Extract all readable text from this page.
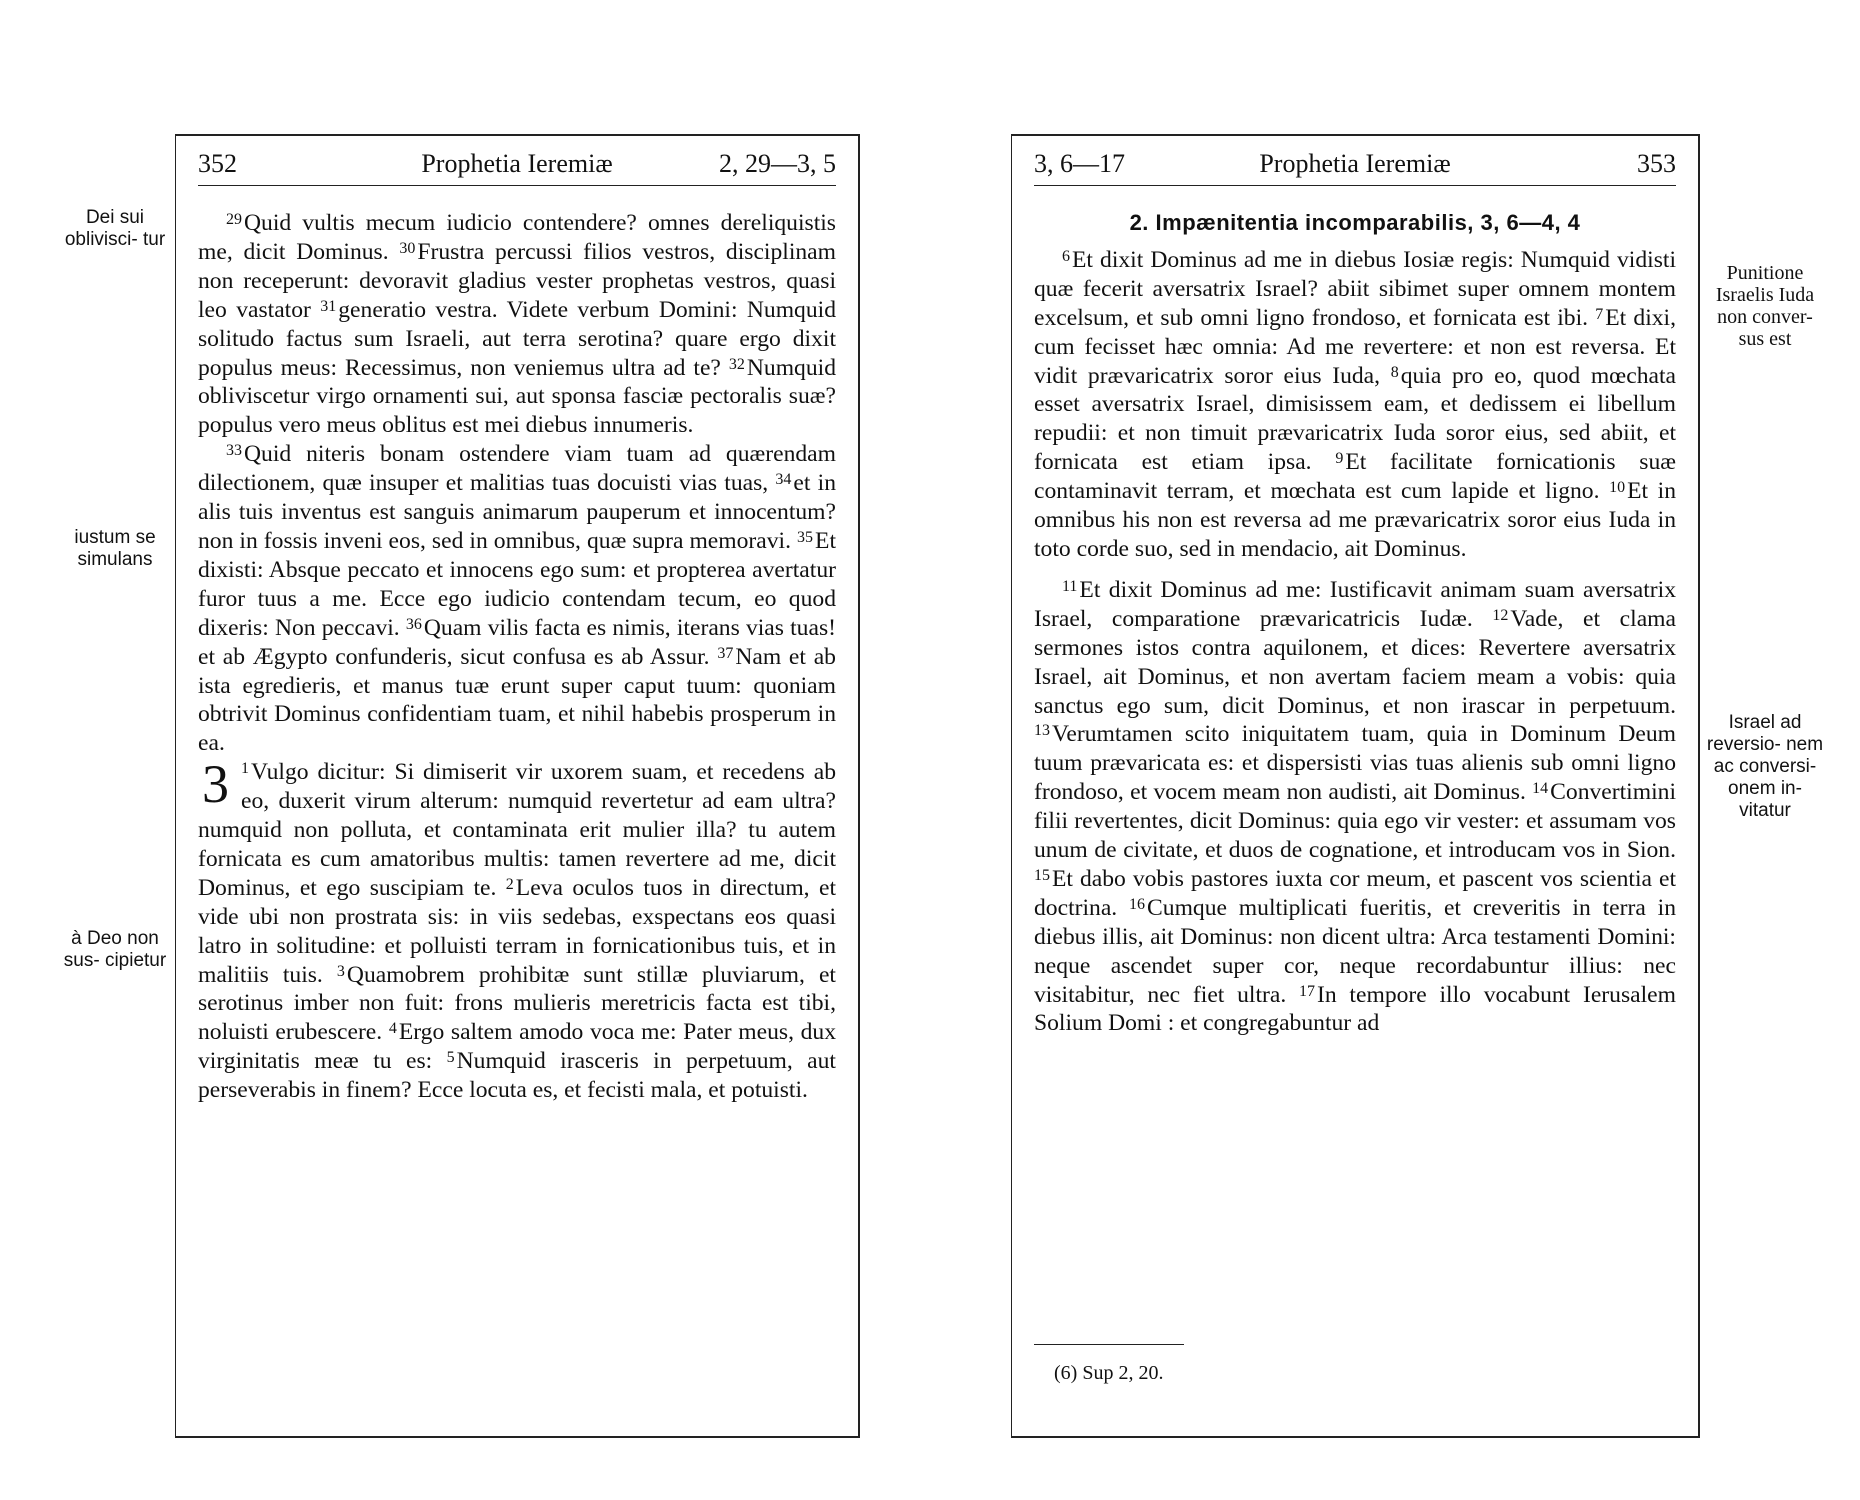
352	Prophetia Ieremiæ	2, 29—3, 5

$^{29}$Quid vultis mecum iudicio contendere? omnes dereliquistis me, dicit Dominus. $^{30}$Frustra percussi filios vestros, disciplinam non receperunt: devoravit gladius vester prophetas vestros, quasi leo vastator $^{31}$generatio vestra. Videte verbum Domini: Numquid solitudo factus sum Israeli, aut terra serotina? quare ergo dixit populus meus: Recessimus, non veniemus ultra ad te? $^{32}$Numquid obliviscetur virgo ornamenti sui, aut sponsa fasciæ pectoralis suæ? populus vero meus oblitus est mei diebus innumeris.

$^{33}$Quid niteris bonam ostendere viam tuam ad quærendam dilectionem, quæ insuper et malitias tuas docuisti vias tuas, $^{34}$et in alis tuis inventus est sanguis animarum pauperum et innocentum? non in fossis inveni eos, sed in omnibus, quæ supra memoravi. $^{35}$Et dixisti: Absque peccato et innocens ego sum: et propterea avertatur furor tuus a me. Ecce ego iudicio contendam tecum, eo quod dixeris: Non peccavi. $^{36}$Quam vilis facta es nimis, iterans vias tuas! et ab Ægypto confunderis, sicut confusa es ab Assur. $^{37}$Nam et ab ista egredieris, et manus tuæ erunt super caput tuum: quoniam obtrivit Dominus confidentiam tuam, et nihil habebis prosperum in ea.

3 $^1$Vulgo dicitur: Si dimiserit vir uxorem suam, et recedens ab eo, duxerit virum alterum: numquid revertetur ad eam ultra? numquid non polluta, et contaminata erit mulier illa? tu autem fornicata es cum amatoribus multis: tamen revertere ad me, dicit Dominus, et ego suscipiam te. $^2$Leva oculos tuos in directum, et vide ubi non prostrata sis: in viis sedebas, exspectans eos quasi latro in solitudine: et polluisti terram in fornicationibus tuis, et in malitiis tuis. $^3$Quamobrem prohibitæ sunt stillæ pluviarum, et serotinus imber non fuit: frons mulieris meretricis facta est tibi, noluisti erubescere. $^4$Ergo saltem amodo voca me: Pater meus, dux virginitatis meæ tu es: $^5$Numquid irasceris in perpetuum, aut perseverabis in finem? Ecce locuta es, et fecisti mala, et potuisti.

3, 6—17	Prophetia Ieremiæ	353
2. Impænitentia incomparabilis, 3, 6—4, 4

$^6$Et dixit Dominus ad me in diebus Iosiæ regis: Numquid vidisti quæ fecerit aversatrix Israel? abiit sibimet super omnem montem excelsum, et sub omni ligno frondoso, et fornicata est ibi. $^7$Et dixi, cum fecisset hæc omnia: Ad me revertere: et non est reversa. Et vidit prævaricatrix soror eius Iuda, $^8$quia pro eo, quod mœchata esset aversatrix Israel, dimisissem eam, et dedissem ei libellum repudii: et non timuit prævaricatrix Iuda soror eius, sed abiit, et fornicata est etiam ipsa. $^9$Et facilitate fornicationis suæ contaminavit terram, et mœchata est cum lapide et ligno. $^{10}$Et in omnibus his non est reversa ad me prævaricatrix soror eius Iuda in toto corde suo, sed in mendacio, ait Dominus.

$^{11}$Et dixit Dominus ad me: Iustificavit animam suam aversatrix Israel, comparatione prævaricatricis Iudæ. $^{12}$Vade, et clama sermones istos contra aquilonem, et dices: Revertere aversatrix Israel, ait Dominus, et non avertam faciem meam a vobis: quia sanctus ego sum, dicit Dominus, et non irascar in perpetuum. $^{13}$Verumtamen scito iniquitatem tuam, quia in Dominum Deum tuum prævaricata es: et dispersisti vias tuas alienis sub omni ligno frondoso, et vocem meam non audisti, ait Dominus. $^{14}$Convertimini filii revertentes, dicit Dominus: quia ego vir vester: et assumam vos unum de civitate, et duos de cognatione, et introducam vos in Sion. $^{15}$Et dabo vobis pastores iuxta cor meum, et pascent vos scientia et doctrina. $^{16}$Cumque multiplicati fueritis, et creveritis in terra in diebus illis, ait Dominus: non dicent ultra: Arca testamenti Domini: neque ascendet super cor, neque recordabuntur illius: nec visitabitur, nec fiet ultra. $^{17}$In tempore illo vocabunt Ierusalem Solium Domi : et congregabuntur ad

(6) Sup 2, 20.
Dei sui oblivisci- tur
iustum se simulans
à Deo non sus- cipietur
Punitione Israelis Iuda non conver- sus est
Israel ad reversio- nem ac conversi- onem in- vitatur
